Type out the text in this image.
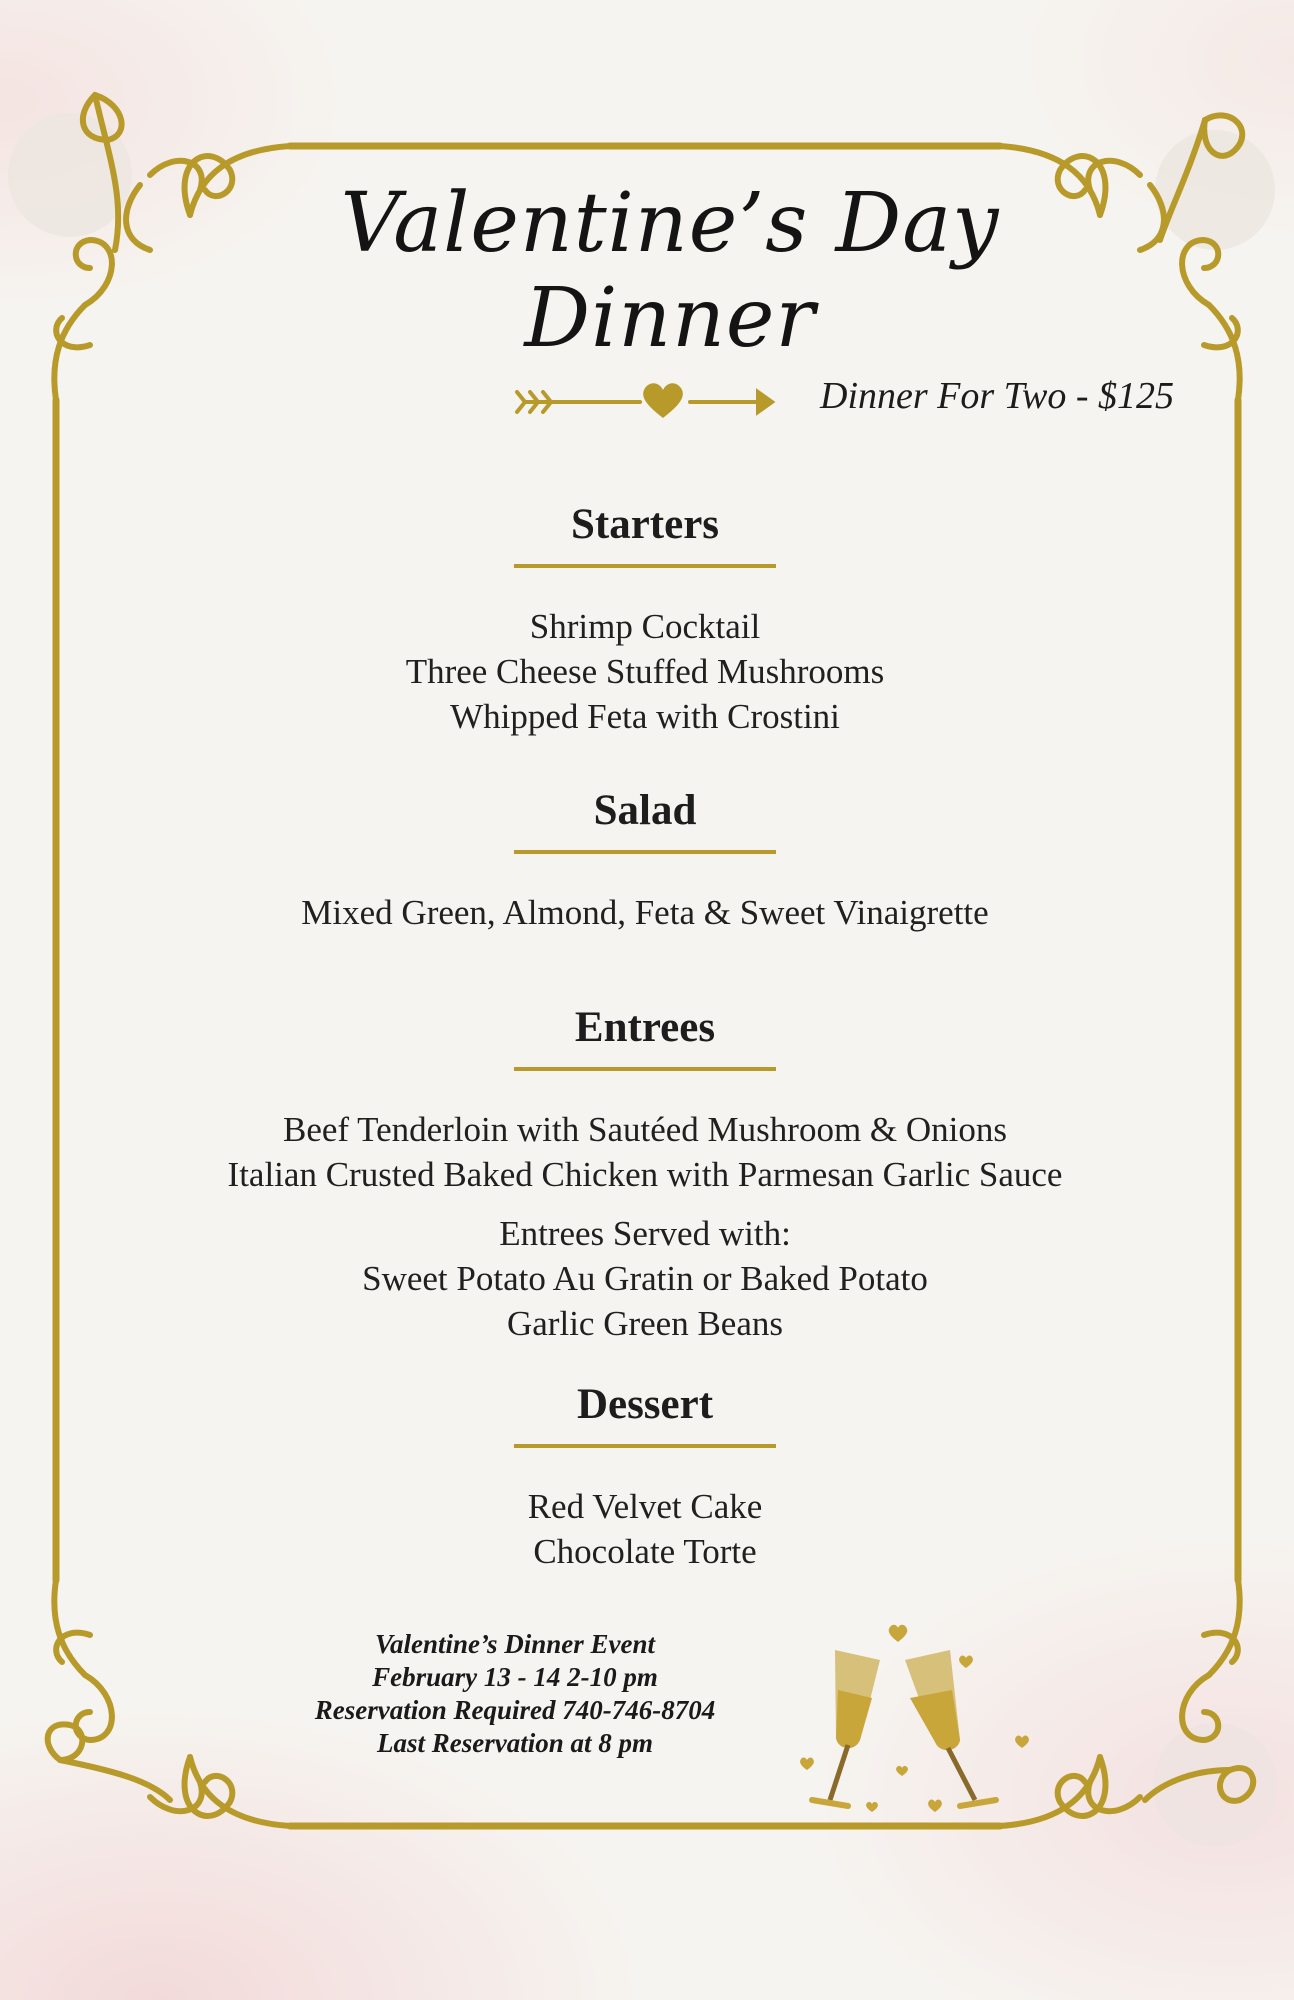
Valentine’s Day Dinner
Dinner For Two - $125
Starters
Shrimp Cocktail
Three Cheese Stuffed Mushrooms
Whipped Feta with Crostini
Salad
Mixed Green, Almond, Feta & Sweet Vinaigrette
Entrees
Beef Tenderloin with Sautéed Mushroom & Onions
Italian Crusted Baked Chicken with Parmesan Garlic Sauce
Entrees Served with:
Sweet Potato Au Gratin or Baked Potato
Garlic Green Beans
Dessert
Red Velvet Cake
Chocolate Torte
Valentine’s Dinner Event
February 13 - 14 2-10 pm
Reservation Required 740-746-8704
Last Reservation at 8 pm
